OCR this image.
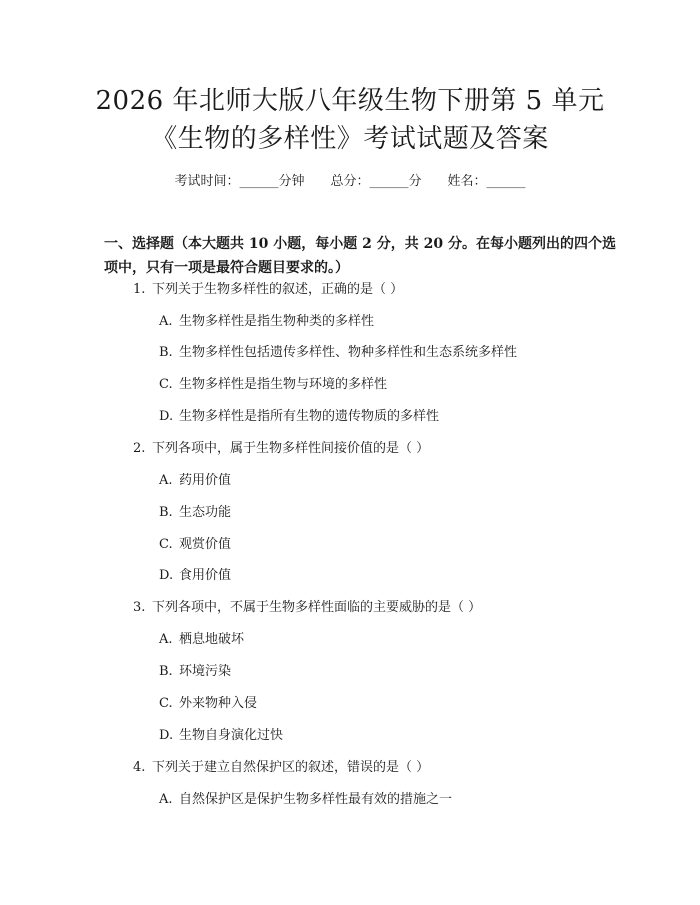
2026 年北师大版八年级生物下册第 5 单元
《生物的多样性》考试试题及答案
考试时间：______分钟 总分：______分 姓名：______
一、选择题（本大题共 10 小题，每小题 2 分，共 20 分。在每小题列出的四个选项中，只有一项是最符合题目要求的。）
1. 下列关于生物多样性的叙述，正确的是（ ）
A. 生物多样性是指生物种类的多样性
B. 生物多样性包括遗传多样性、物种多样性和生态系统多样性
C. 生物多样性是指生物与环境的多样性
D. 生物多样性是指所有生物的遗传物质的多样性
2. 下列各项中，属于生物多样性间接价值的是（ ）
A. 药用价值
B. 生态功能
C. 观赏价值
D. 食用价值
3. 下列各项中，不属于生物多样性面临的主要威胁的是（ ）
A. 栖息地破坏
B. 环境污染
C. 外来物种入侵
D. 生物自身演化过快
4. 下列关于建立自然保护区的叙述，错误的是（ ）
A. 自然保护区是保护生物多样性最有效的措施之一
